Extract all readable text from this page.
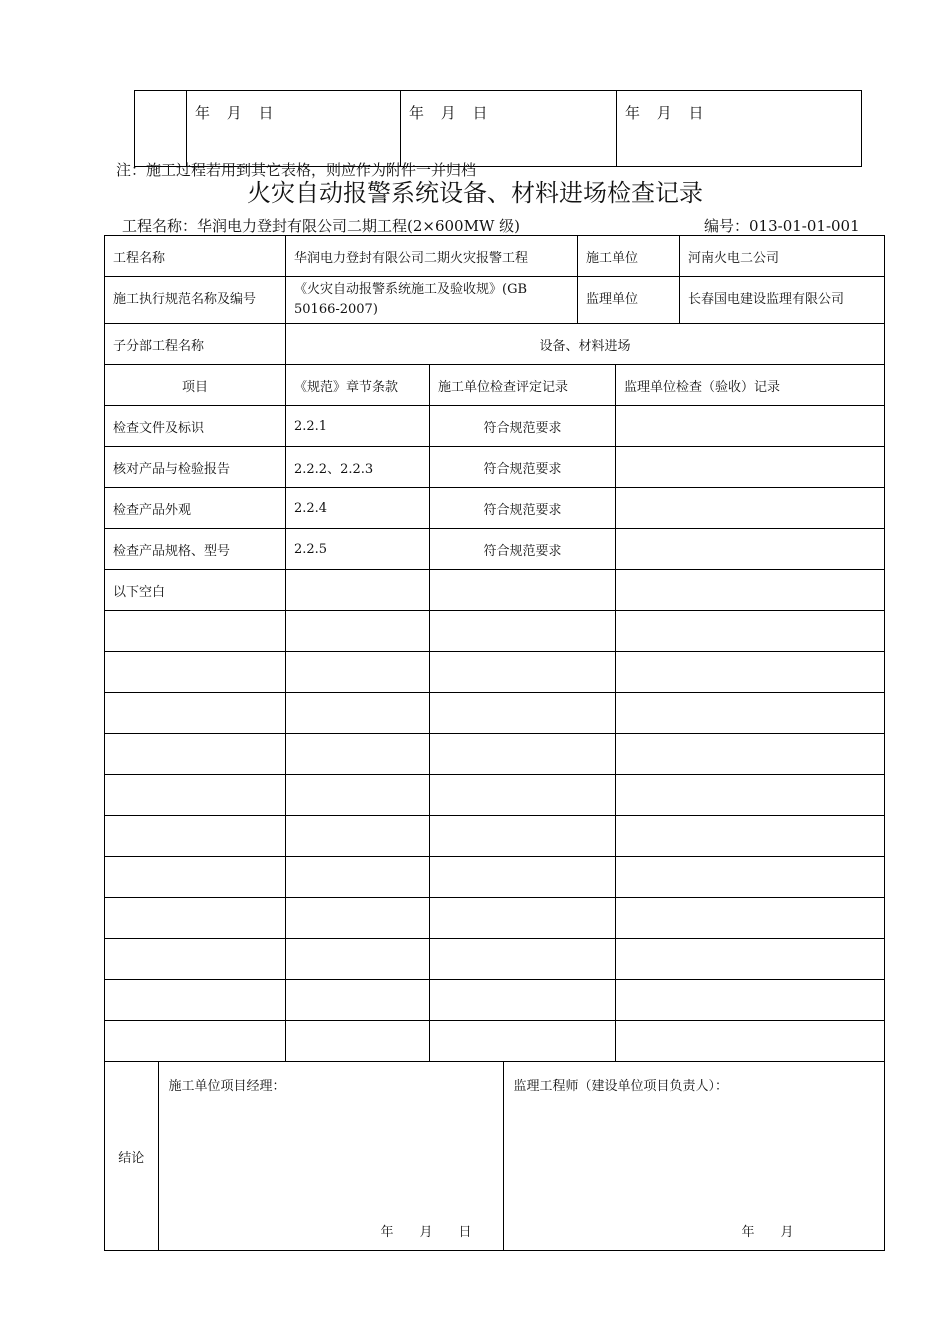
	年 月 日	年 月 日	年 月 日
注：施工过程若用到其它表格，则应作为附件一并归档
火灾自动报警系统设备、材料进场检查记录
工程名称：华润电力登封有限公司二期工程(2×600MW 级)	编号：013-01-01-001
工程名称	华润电力登封有限公司二期火灾报警工程	施工单位	河南火电二公司
施工执行规范名称及编号	《火灾自动报警系统施工及验收规》(GB 50166-2007)	监理单位	长春国电建设监理有限公司
子分部工程名称	设备、材料进场
项目	《规范》章节条款	施工单位检查评定记录	监理单位检查（验收）记录
检查文件及标识	2.2.1	符合规范要求	
核对产品与检验报告	2.2.2、2.2.3	符合规范要求	
检查产品外观	2.2.4	符合规范要求	
检查产品规格、型号	2.2.5	符合规范要求	
以下空白			

结论	
施工单位项目经理：
年　　月　　日

监理工程师（建设单位项目负责人）：
年　　月
